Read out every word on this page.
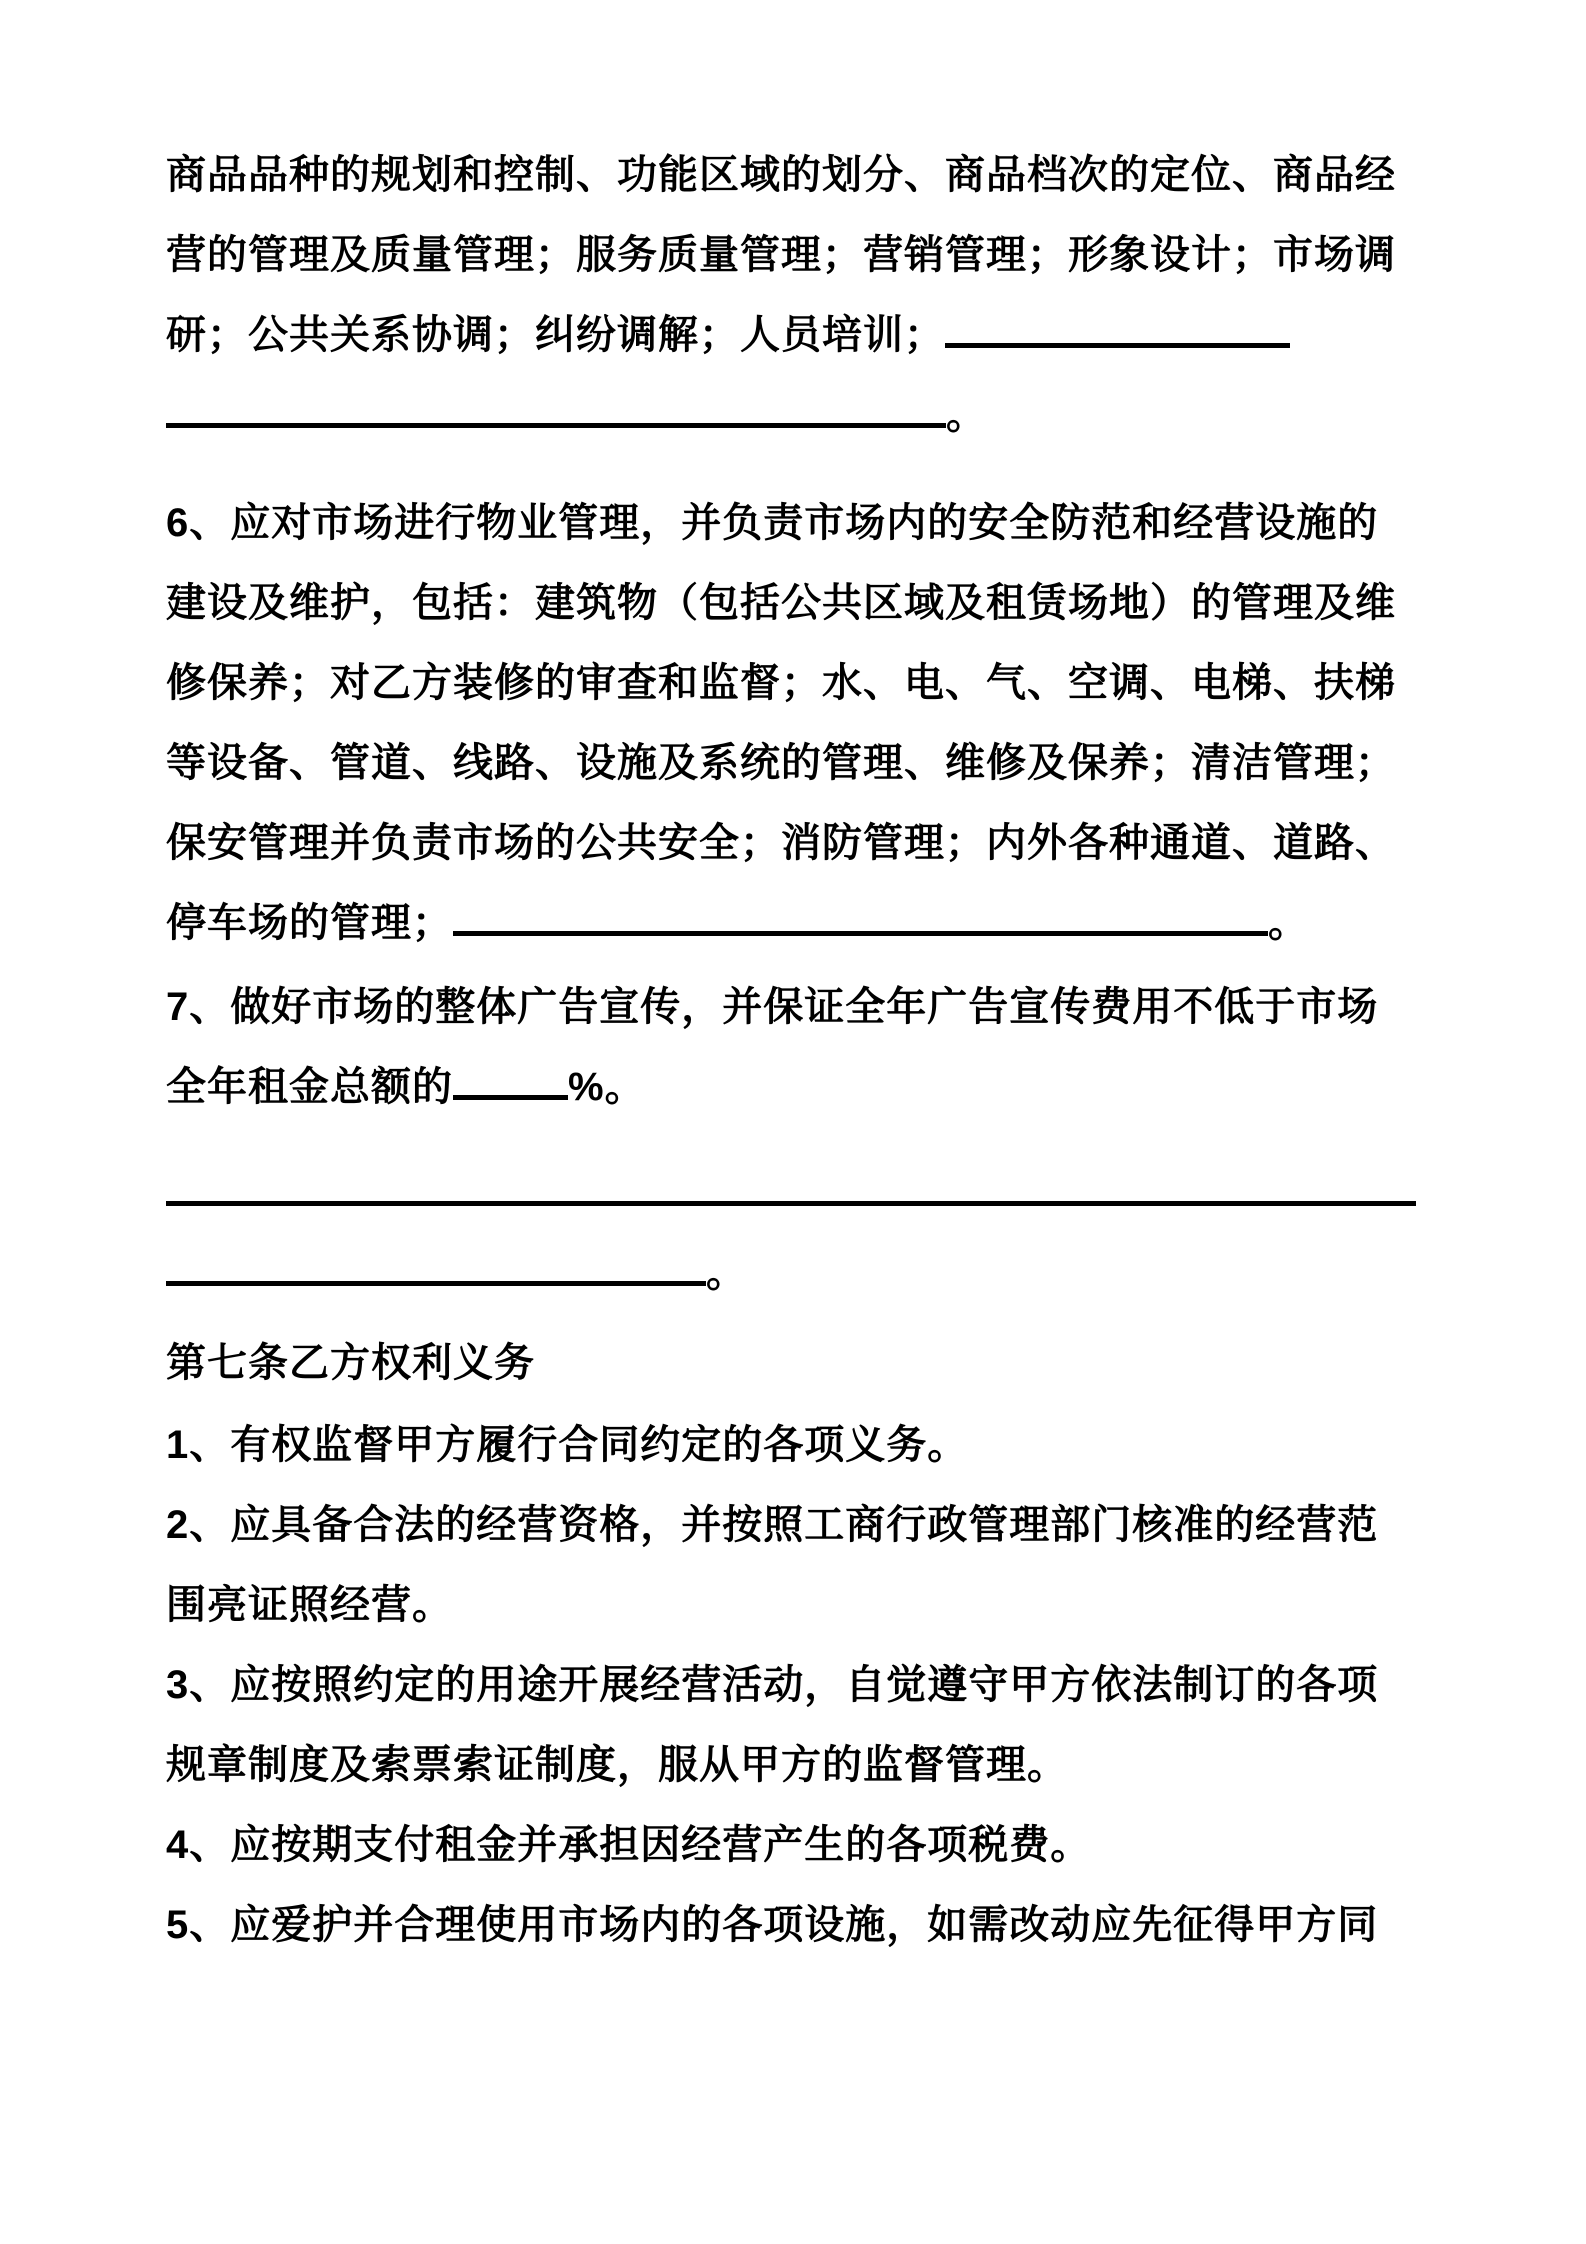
商品品种的规划和控制、功能区域的划分、商品档次的定位、商品经
营的管理及质量管理；服务质量管理；营销管理；形象设计；市场调
研；公共关系协调；纠纷调解；人员培训；
。
6、应对市场进行物业管理，并负责市场内的安全防范和经营设施的
建设及维护，包括：建筑物（包括公共区域及租赁场地）的管理及维
修保养；对乙方装修的审查和监督；水、电、气、空调、电梯、扶梯
等设备、管道、线路、设施及系统的管理、维修及保养；清洁管理；
保安管理并负责市场的公共安全；消防管理；内外各种通道、道路、
停车场的管理；	。
7、做好市场的整体广告宣传，并保证全年广告宣传费用不低于市场
全年租金总额的	%。
。
第七条乙方权利义务
1、有权监督甲方履行合同约定的各项义务。
2、应具备合法的经营资格，并按照工商行政管理部门核准的经营范
围亮证照经营。
3、应按照约定的用途开展经营活动，自觉遵守甲方依法制订的各项
规章制度及索票索证制度，服从甲方的监督管理。
4、应按期支付租金并承担因经营产生的各项税费。
5、应爱护并合理使用市场内的各项设施，如需改动应先征得甲方同
